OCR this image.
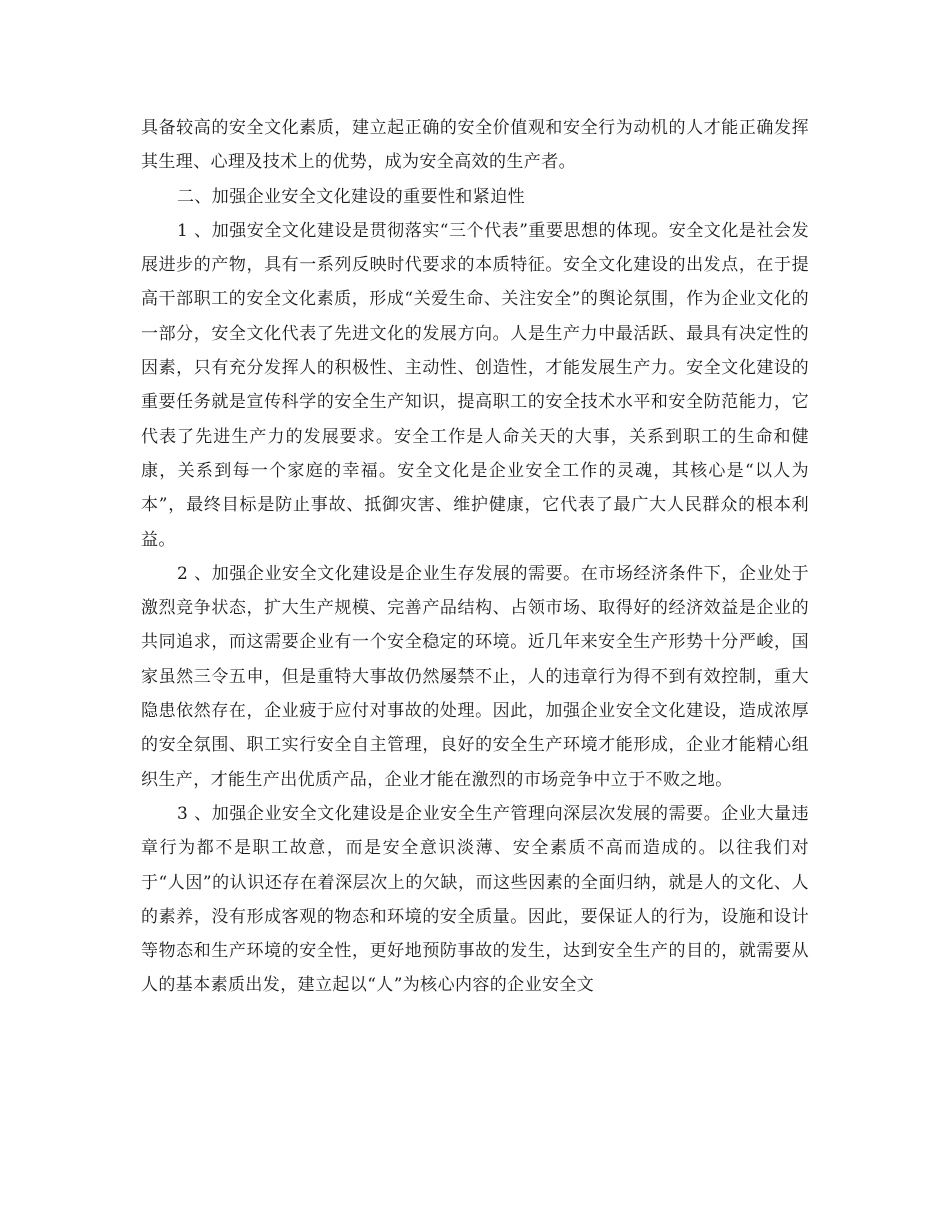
具备较高的安全文化素质，建立起正确的安全价值观和安全行为动机的人才能正确发挥其生理、心理及技术上的优势，成为安全高效的生产者。

二、加强企业安全文化建设的重要性和紧迫性

1 、加强安全文化建设是贯彻落实“三个代表”重要思想的体现。安全文化是社会发展进步的产物，具有一系列反映时代要求的本质特征。安全文化建设的出发点，在于提高干部职工的安全文化素质，形成“关爱生命、关注安全”的舆论氛围，作为企业文化的一部分，安全文化代表了先进文化的发展方向。人是生产力中最活跃、最具有决定性的因素，只有充分发挥人的积极性、主动性、创造性，才能发展生产力。安全文化建设的重要任务就是宣传科学的安全生产知识，提高职工的安全技术水平和安全防范能力，它代表了先进生产力的发展要求。安全工作是人命关天的大事，关系到职工的生命和健康，关系到每一个家庭的幸福。安全文化是企业安全工作的灵魂，其核心是“以人为本”，最终目标是防止事故、抵御灾害、维护健康，它代表了最广大人民群众的根本利益。

2 、加强企业安全文化建设是企业生存发展的需要。在市场经济条件下，企业处于激烈竞争状态，扩大生产规模、完善产品结构、占领市场、取得好的经济效益是企业的共同追求，而这需要企业有一个安全稳定的环境。近几年来安全生产形势十分严峻，国家虽然三令五申，但是重特大事故仍然屡禁不止，人的违章行为得不到有效控制，重大隐患依然存在，企业疲于应付对事故的处理。因此，加强企业安全文化建设，造成浓厚的安全氛围、职工实行安全自主管理，良好的安全生产环境才能形成，企业才能精心组织生产，才能生产出优质产品，企业才能在激烈的市场竞争中立于不败之地。

3 、加强企业安全文化建设是企业安全生产管理向深层次发展的需要。企业大量违章行为都不是职工故意，而是安全意识淡薄、安全素质不高而造成的。以往我们对于“人因”的认识还存在着深层次上的欠缺，而这些因素的全面归纳，就是人的文化、人的素养，没有形成客观的物态和环境的安全质量。因此，要保证人的行为，设施和设计等物态和生产环境的安全性，更好地预防事故的发生，达到安全生产的目的，就需要从人的基本素质出发，建立起以“人”为核心内容的企业安全文
